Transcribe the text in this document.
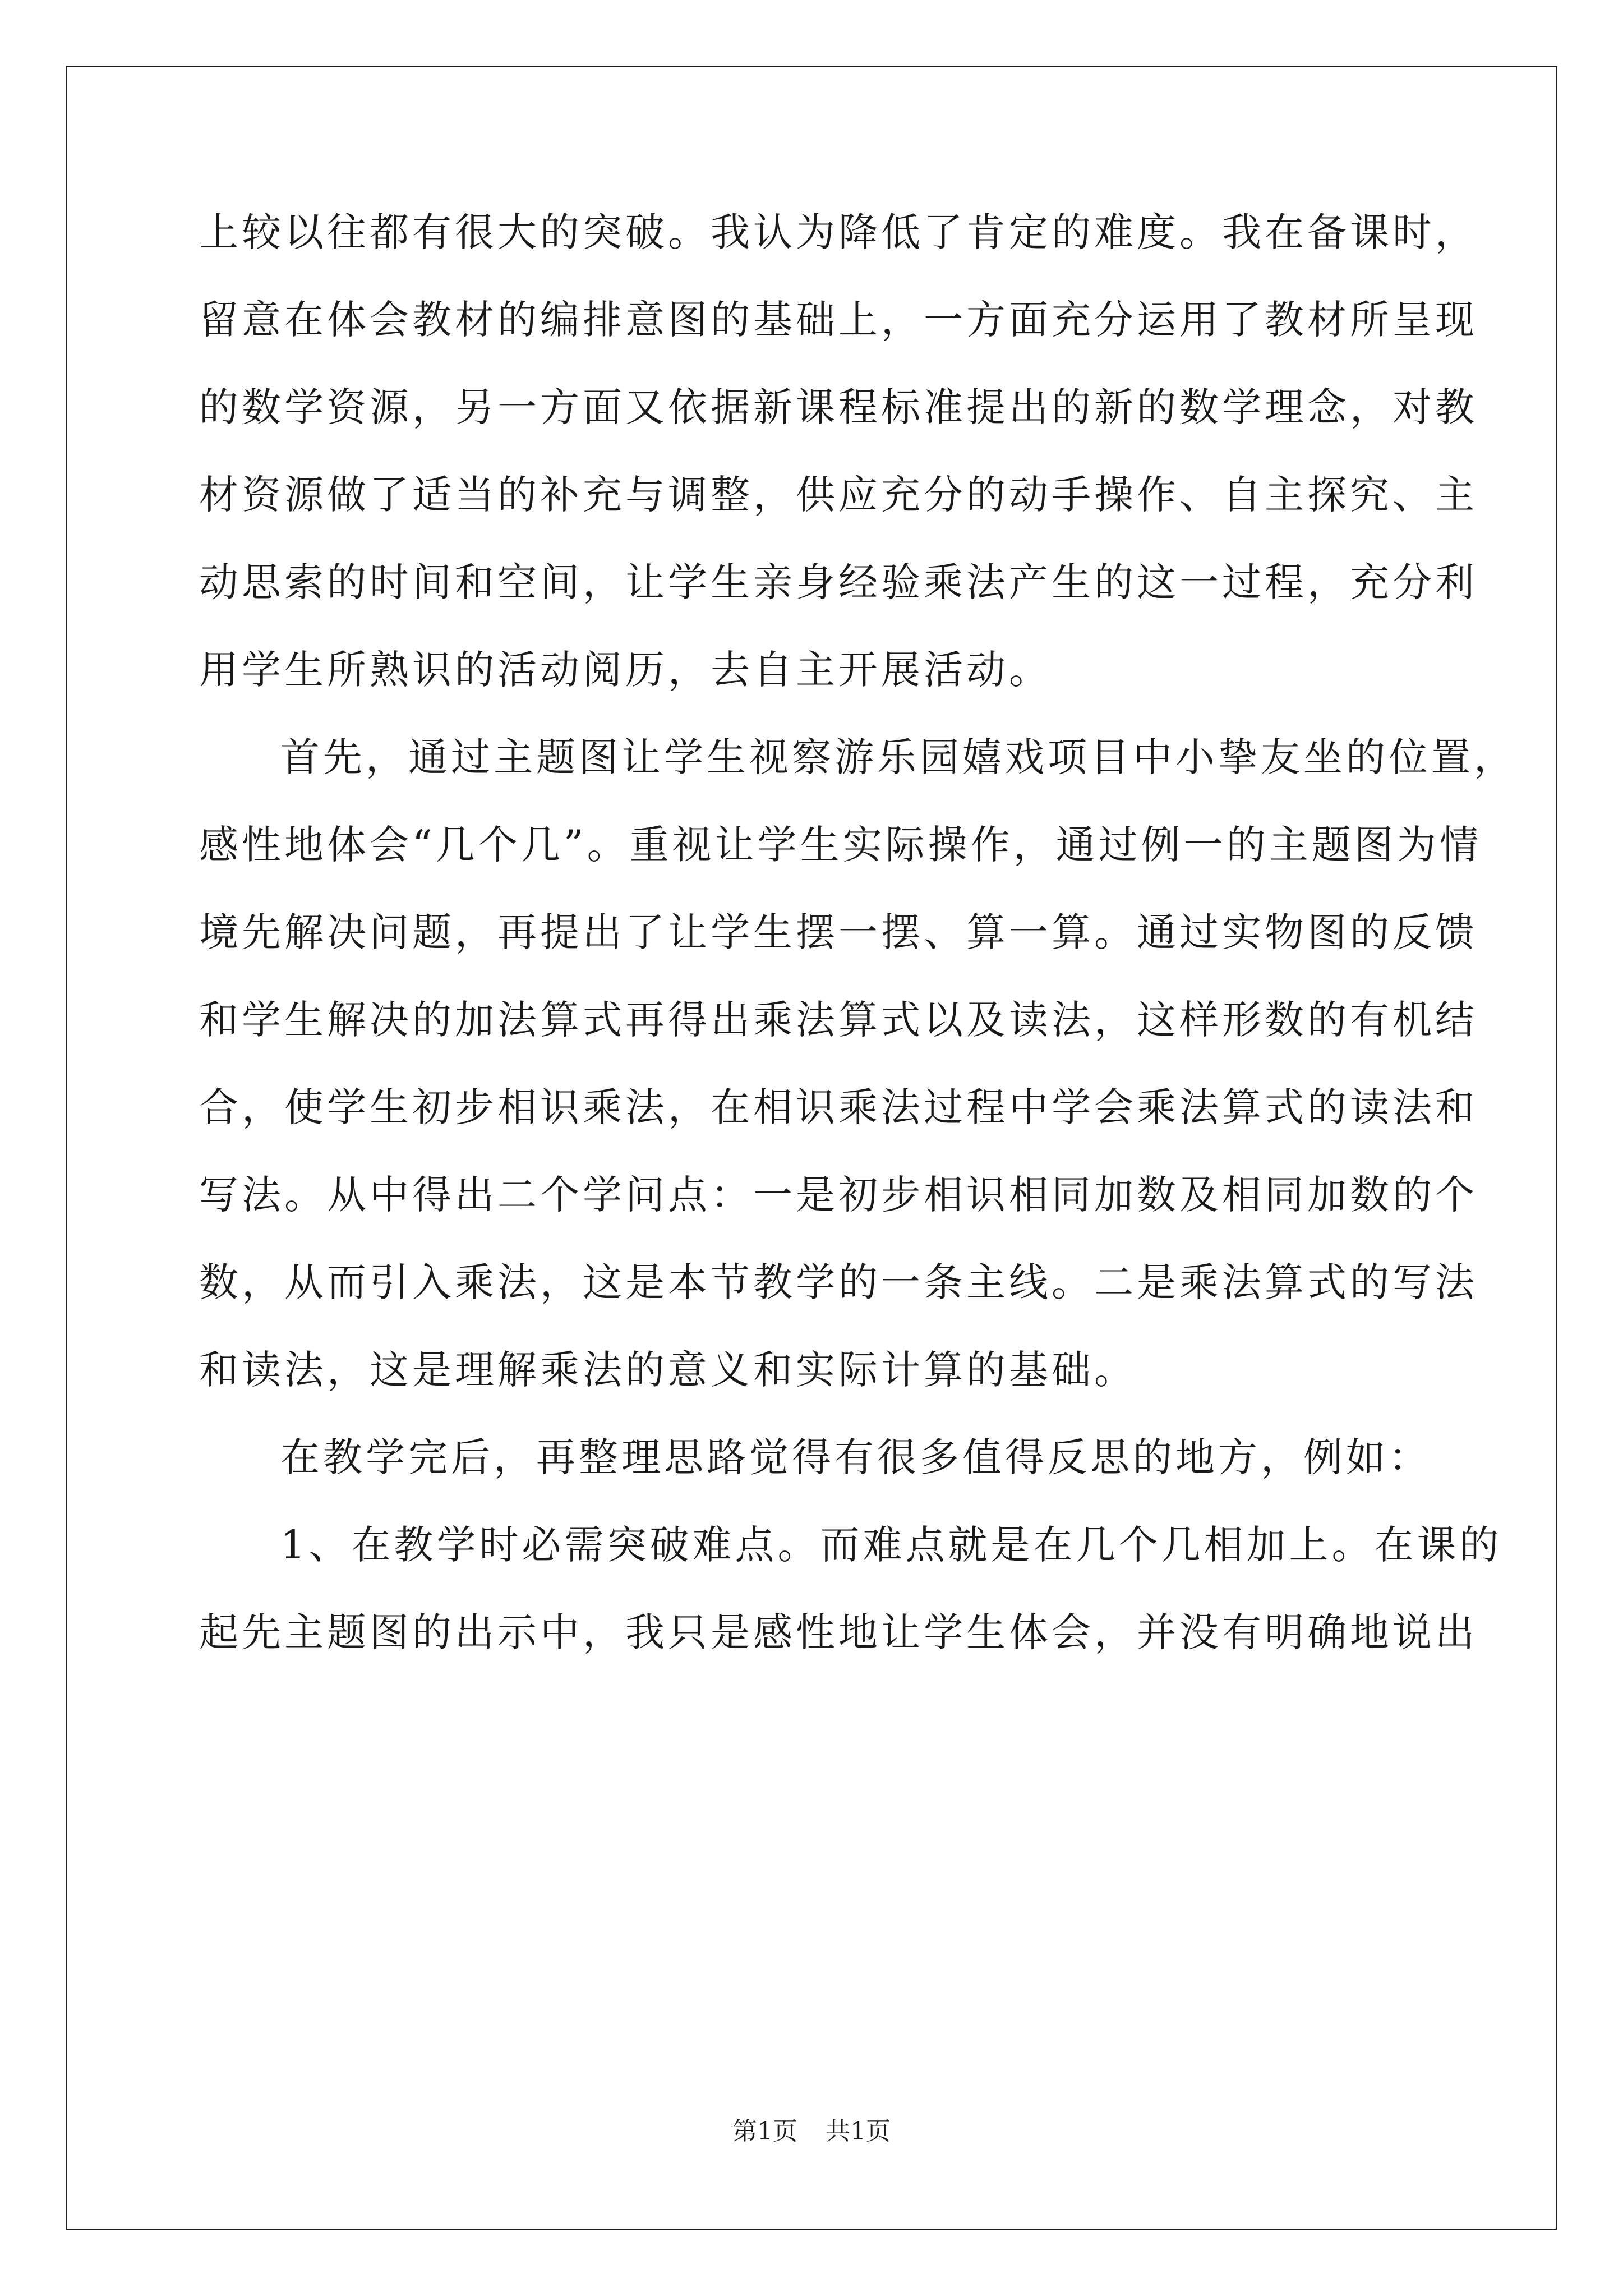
上较以往都有很大的突破。我认为降低了肯定的难度。我在备课时，
留意在体会教材的编排意图的基础上，一方面充分运用了教材所呈现
的数学资源，另一方面又依据新课程标准提出的新的数学理念，对教
材资源做了适当的补充与调整，供应充分的动手操作、自主探究、主
动思索的时间和空间，让学生亲身经验乘法产生的这一过程，充分利
用学生所熟识的活动阅历，去自主开展活动。
首先，通过主题图让学生视察游乐园嬉戏项目中小挚友坐的位置，
感性地体会“几个几”。重视让学生实际操作，通过例一的主题图为情
境先解决问题，再提出了让学生摆一摆、算一算。通过实物图的反馈
和学生解决的加法算式再得出乘法算式以及读法，这样形数的有机结
合，使学生初步相识乘法，在相识乘法过程中学会乘法算式的读法和
写法。从中得出二个学问点：一是初步相识相同加数及相同加数的个
数，从而引入乘法，这是本节教学的一条主线。二是乘法算式的写法
和读法，这是理解乘法的意义和实际计算的基础。
在教学完后，再整理思路觉得有很多值得反思的地方，例如：
1、在教学时必需突破难点。而难点就是在几个几相加上。在课的
起先主题图的出示中，我只是感性地让学生体会，并没有明确地说出
第1页 共1页
